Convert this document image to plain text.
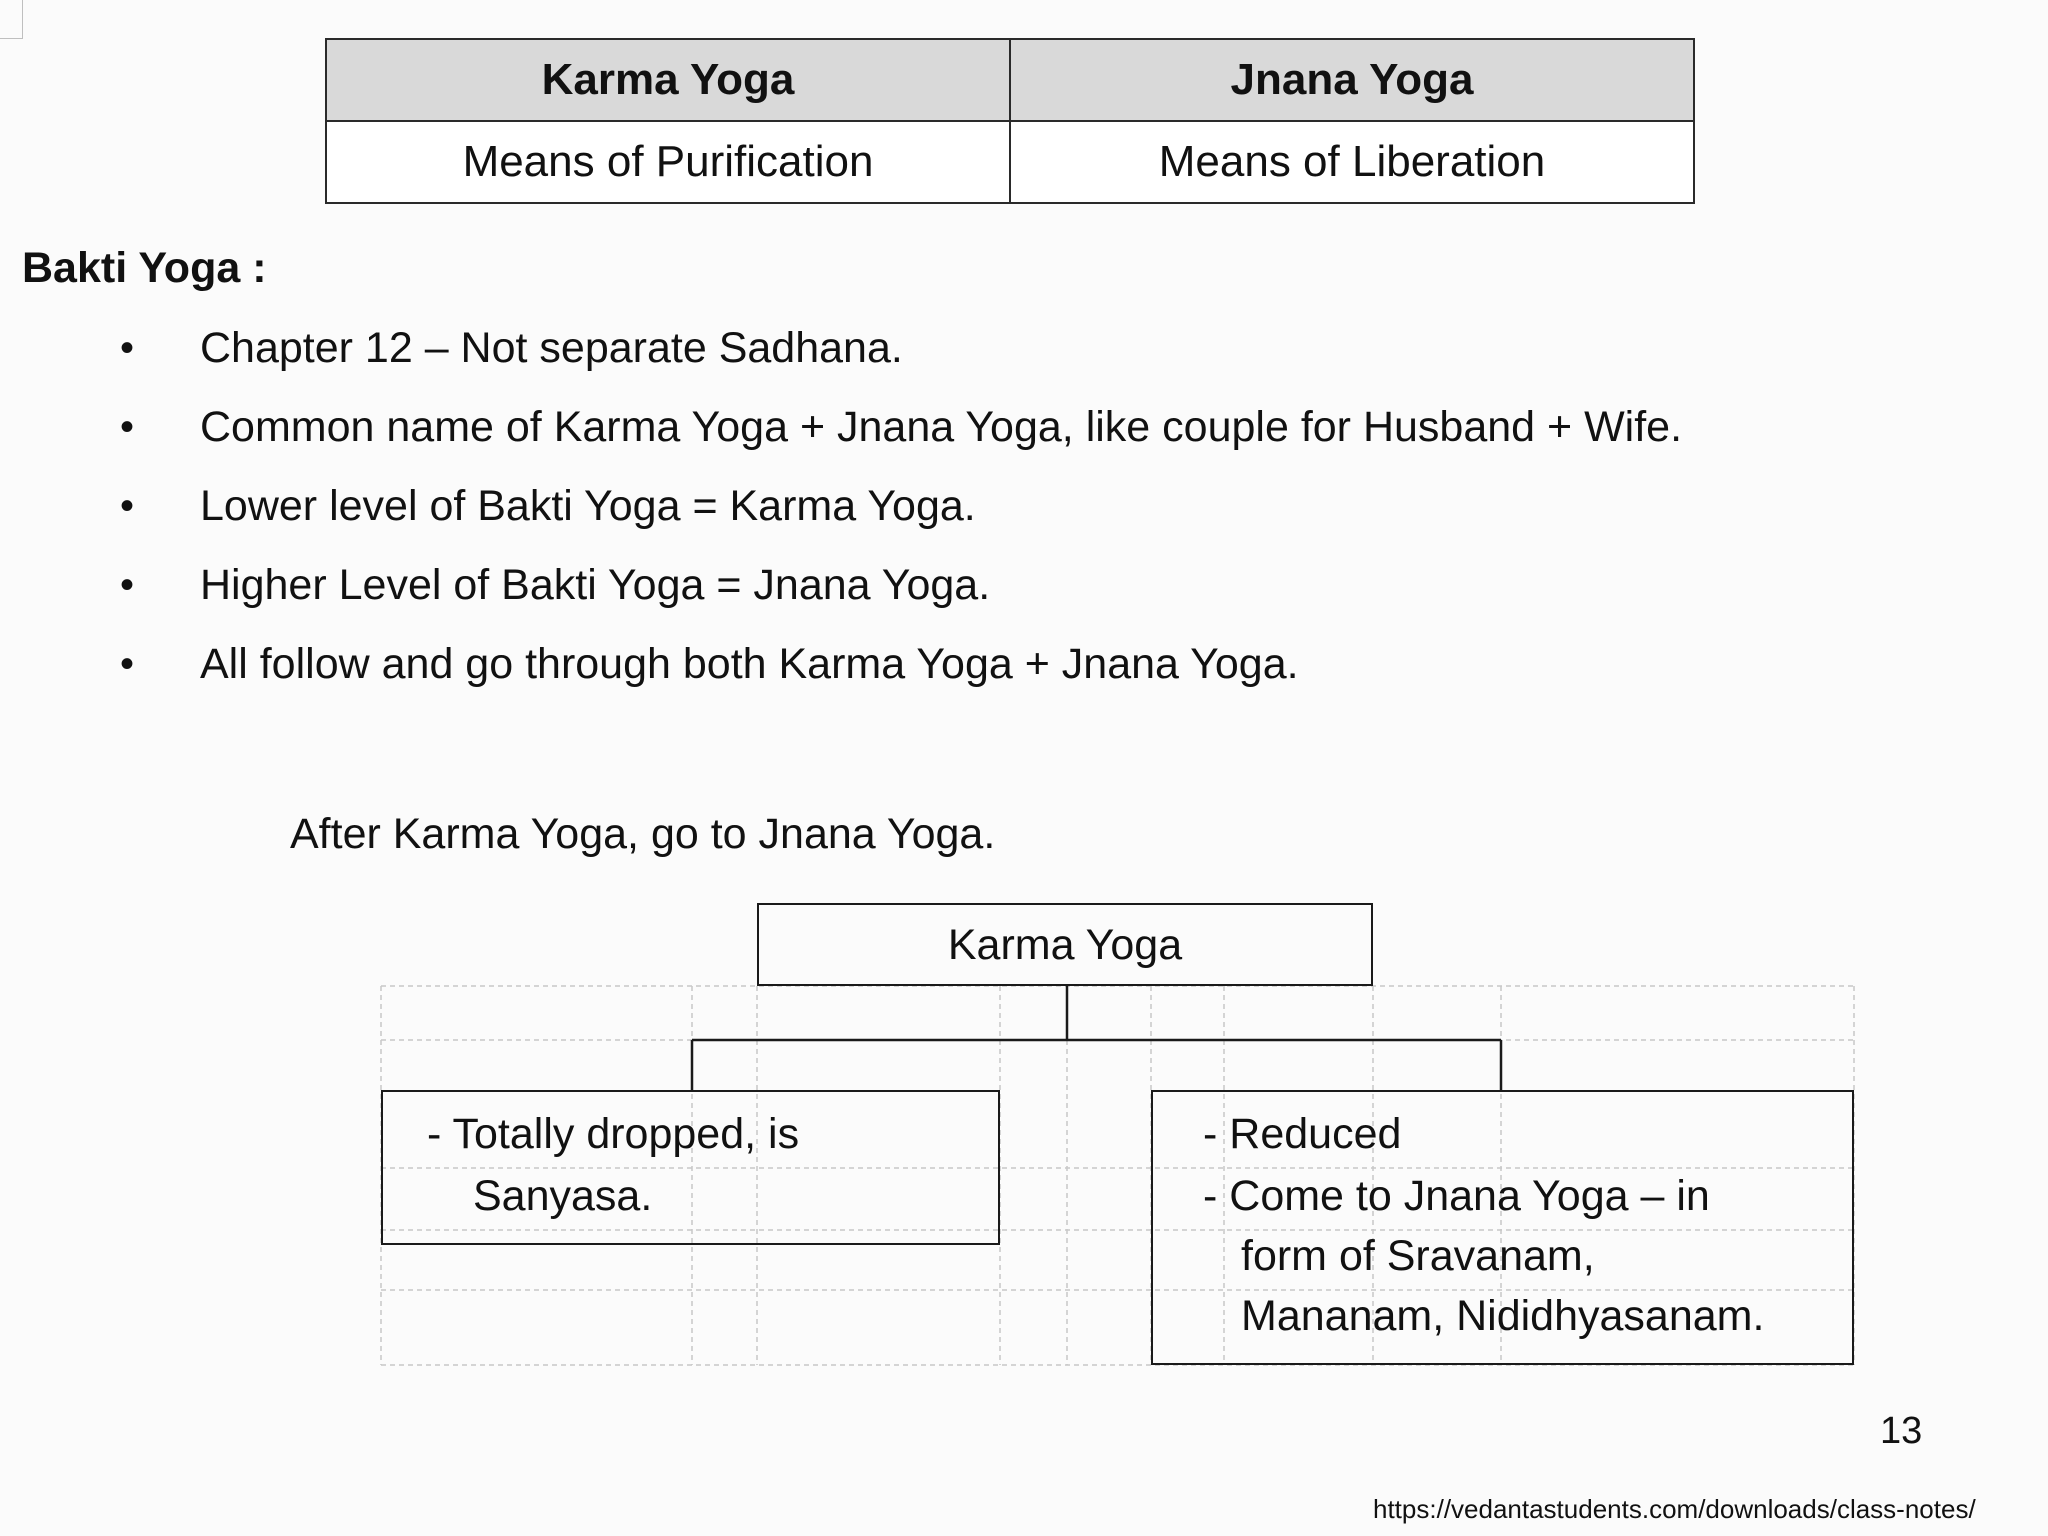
Karma Yoga	Jnana Yoga
Means of Purification	Means of Liberation
Bakti Yoga :
• Chapter 12 – Not separate Sadhana.
• Common name of Karma Yoga + Jnana Yoga, like couple for Husband + Wife.
• Lower level of Bakti Yoga = Karma Yoga.
• Higher Level of Bakti Yoga = Jnana Yoga.
• All follow and go through both Karma Yoga + Jnana Yoga.

After Karma Yoga, go to Jnana Yoga.

Karma Yoga
- Totally dropped, is
Sanyasa.
- Reduced
- Come to Jnana Yoga – in
form of Sravanam,
Mananam, Nididhyasanam.
13
https://vedantastudents.com/downloads/class-notes/
